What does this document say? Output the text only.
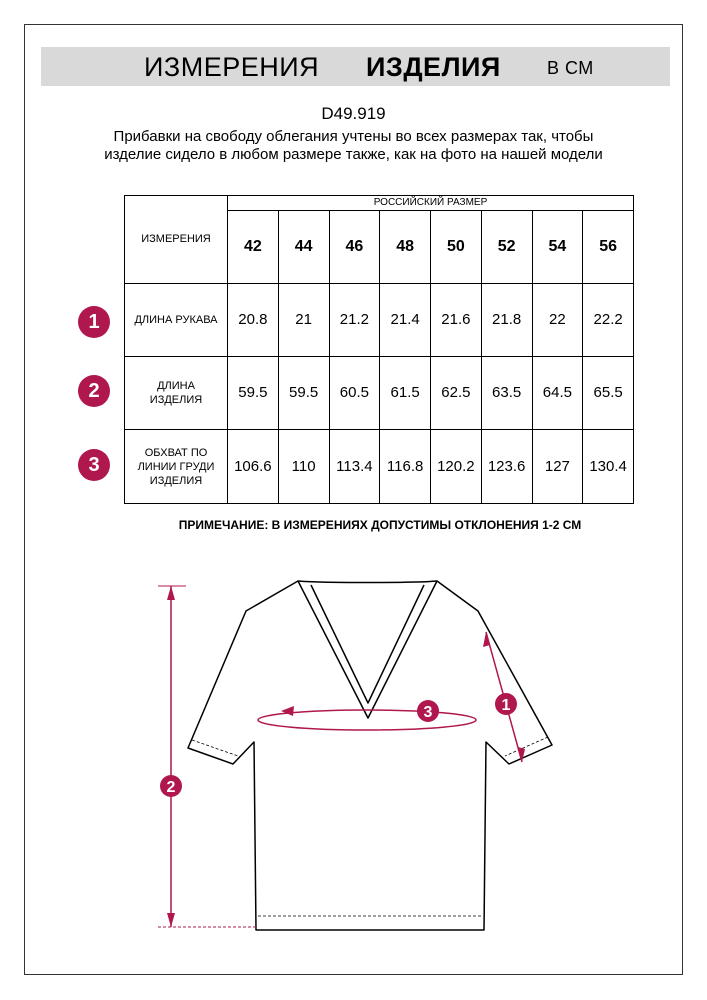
ИЗМЕРЕНИЯ ИЗДЕЛИЯ	В СМ
D49.919
Прибавки на свободу облегания учтены во всех размерах так, чтобы изделие сидело в любом размере также, как на фото на нашей модели
ИЗМЕРЕНИЯ	РОССИЙСКИЙ РАЗМЕР							
	42	44	46	48	50	52	54	56
ДЛИНА РУКАВА	20.8	21	21.2	21.4	21.6	21.8	22	22.2
ДЛИНА
ИЗДЕЛИЯ	59.5	59.5	60.5	61.5	62.5	63.5	64.5	65.5
ОБХВАТ ПО
ЛИНИИ ГРУДИ
ИЗДЕЛИЯ	106.6	110	113.4	116.8	120.2	123.6	127	130.4
1
2
3
ПРИМЕЧАНИЕ: В ИЗМЕРЕНИЯХ ДОПУСТИМЫ ОТКЛОНЕНИЯ 1-2 СМ
1
3
2
